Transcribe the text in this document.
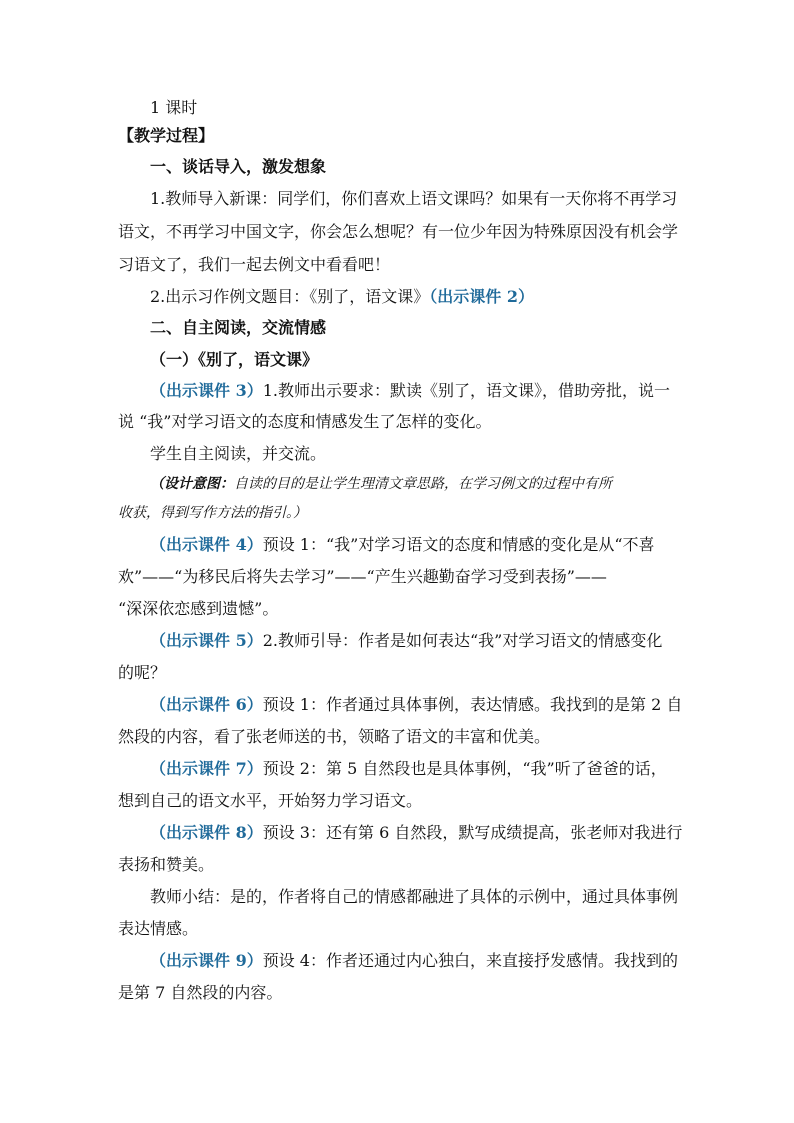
1 课时
【教学过程】
一、谈话导入，激发想象
1.教师导入新课：同学们，你们喜欢上语文课吗？如果有一天你将不再学习
语文，不再学习中国文字，你会怎么想呢？有一位少年因为特殊原因没有机会学
习语文了，我们一起去例文中看看吧！
2.出示习作例文题目：《别了，语文课》（出示课件 2）
二、自主阅读，交流情感
（一）《别了，语文课》
（出示课件 3）1.教师出示要求：默读《别了，语文课》，借助旁批，说一
说 “我”对学习语文的态度和情感发生了怎样的变化。
学生自主阅读，并交流。
（设计意图：自读的目的是让学生理清文章思路，在学习例文的过程中有所
收获，得到写作方法的指引。）
（出示课件 4）预设 1：“我”对学习语文的态度和情感的变化是从“不喜
欢”——“为移民后将失去学习”——“产生兴趣勤奋学习受到表扬”——
“深深依恋感到遗憾”。
（出示课件 5）2.教师引导：作者是如何表达“我”对学习语文的情感变化
的呢？
（出示课件 6）预设 1：作者通过具体事例，表达情感。我找到的是第 2 自
然段的内容，看了张老师送的书，领略了语文的丰富和优美。
（出示课件 7）预设 2：第 5 自然段也是具体事例，“我”听了爸爸的话，
想到自己的语文水平，开始努力学习语文。
（出示课件 8）预设 3：还有第 6 自然段，默写成绩提高，张老师对我进行
表扬和赞美。
教师小结：是的，作者将自己的情感都融进了具体的示例中，通过具体事例
表达情感。
（出示课件 9）预设 4：作者还通过内心独白，来直接抒发感情。我找到的
是第 7 自然段的内容。
